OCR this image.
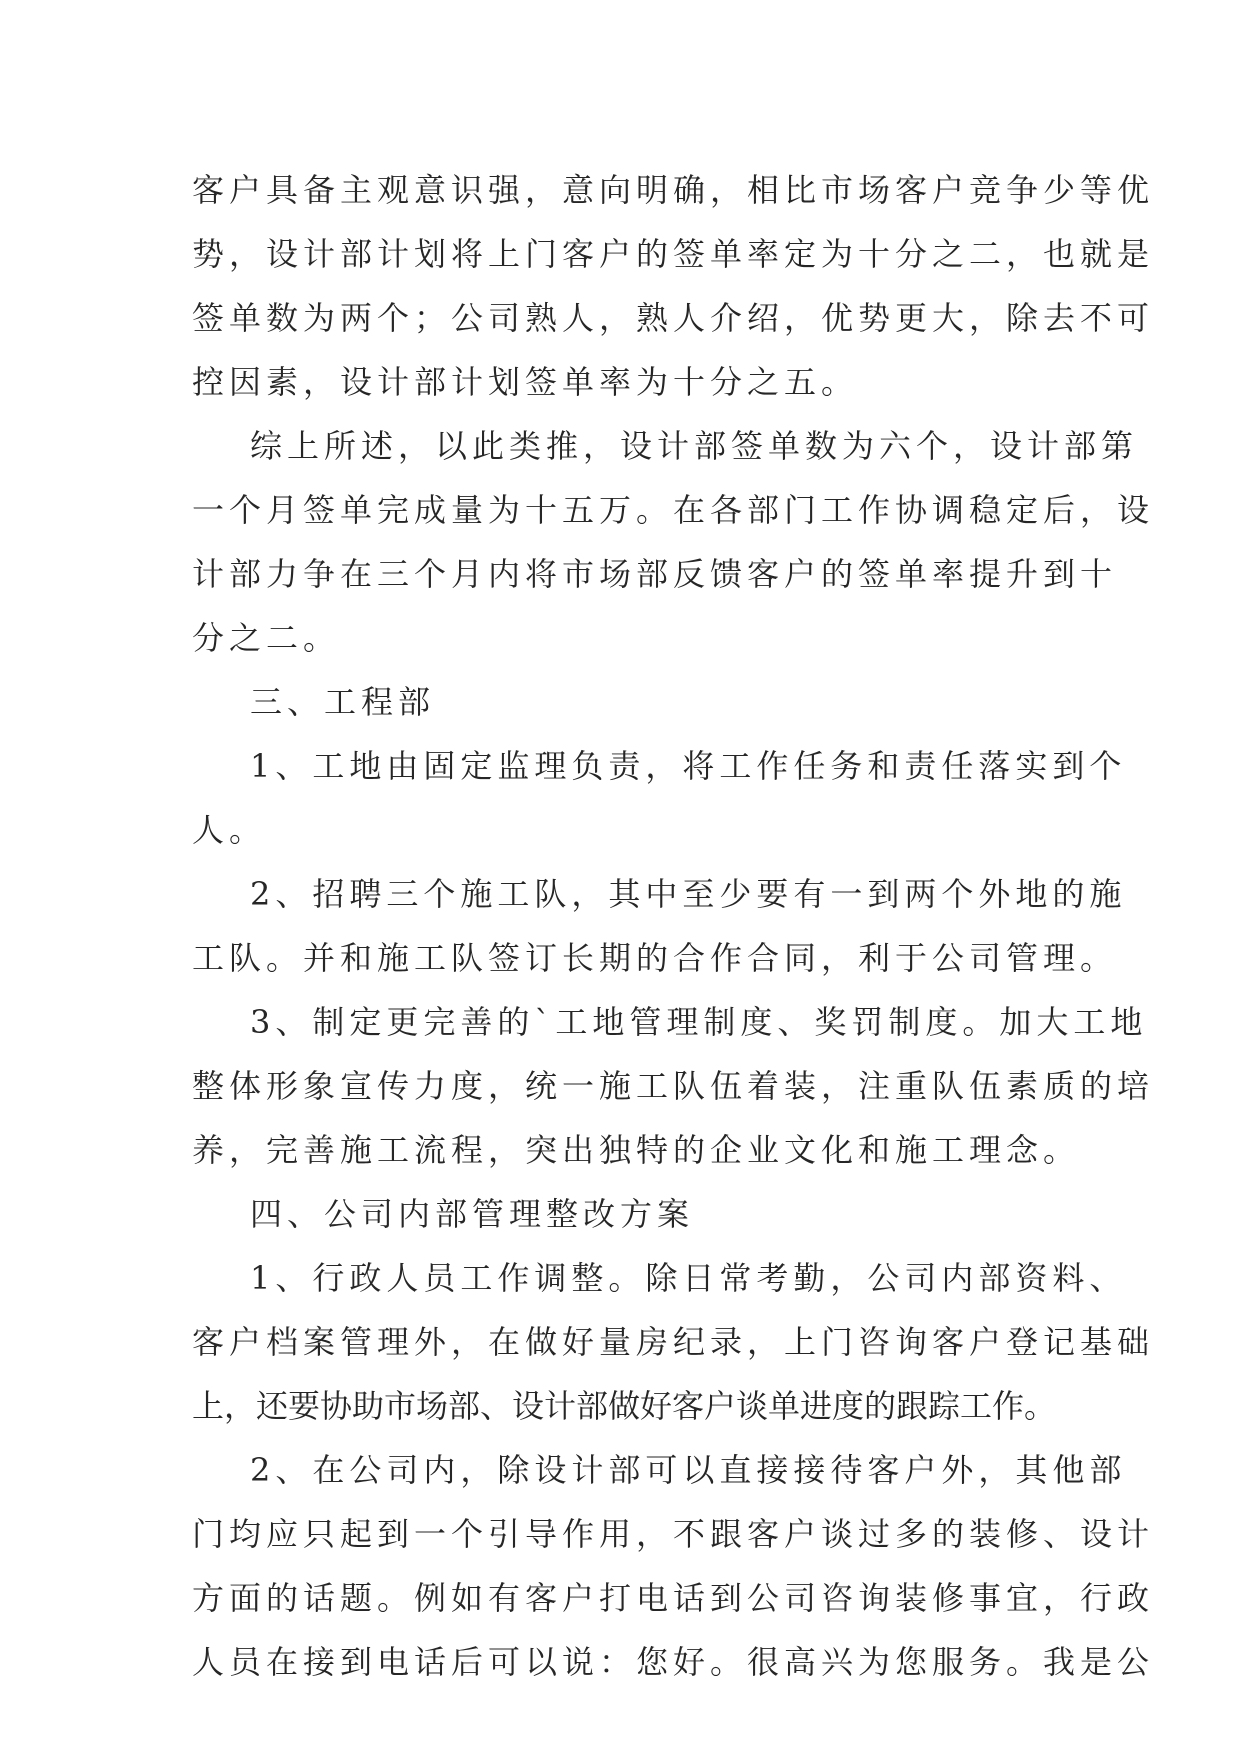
客户具备主观意识强，意向明确，相比市场客户竞争少等优
势，设计部计划将上门客户的签单率定为十分之二，也就是
签单数为两个；公司熟人，熟人介绍，优势更大，除去不可
控因素，设计部计划签单率为十分之五。
综上所述，以此类推，设计部签单数为六个，设计部第
一个月签单完成量为十五万。在各部门工作协调稳定后，设
计部力争在三个月内将市场部反馈客户的签单率提升到十
分之二。
三、工程部
1、工地由固定监理负责，将工作任务和责任落实到个
人。
2、招聘三个施工队，其中至少要有一到两个外地的施
工队。并和施工队签订长期的合作合同，利于公司管理。
3、制定更完善的`工地管理制度、奖罚制度。加大工地
整体形象宣传力度，统一施工队伍着装，注重队伍素质的培
养，完善施工流程，突出独特的企业文化和施工理念。
四、公司内部管理整改方案
1、行政人员工作调整。除日常考勤，公司内部资料、
客户档案管理外，在做好量房纪录，上门咨询客户登记基础
上，还要协助市场部、设计部做好客户谈单进度的跟踪工作。
2、在公司内，除设计部可以直接接待客户外，其他部
门均应只起到一个引导作用，不跟客户谈过多的装修、设计
方面的话题。例如有客户打电话到公司咨询装修事宜，行政
人员在接到电话后可以说：您好。很高兴为您服务。我是公
